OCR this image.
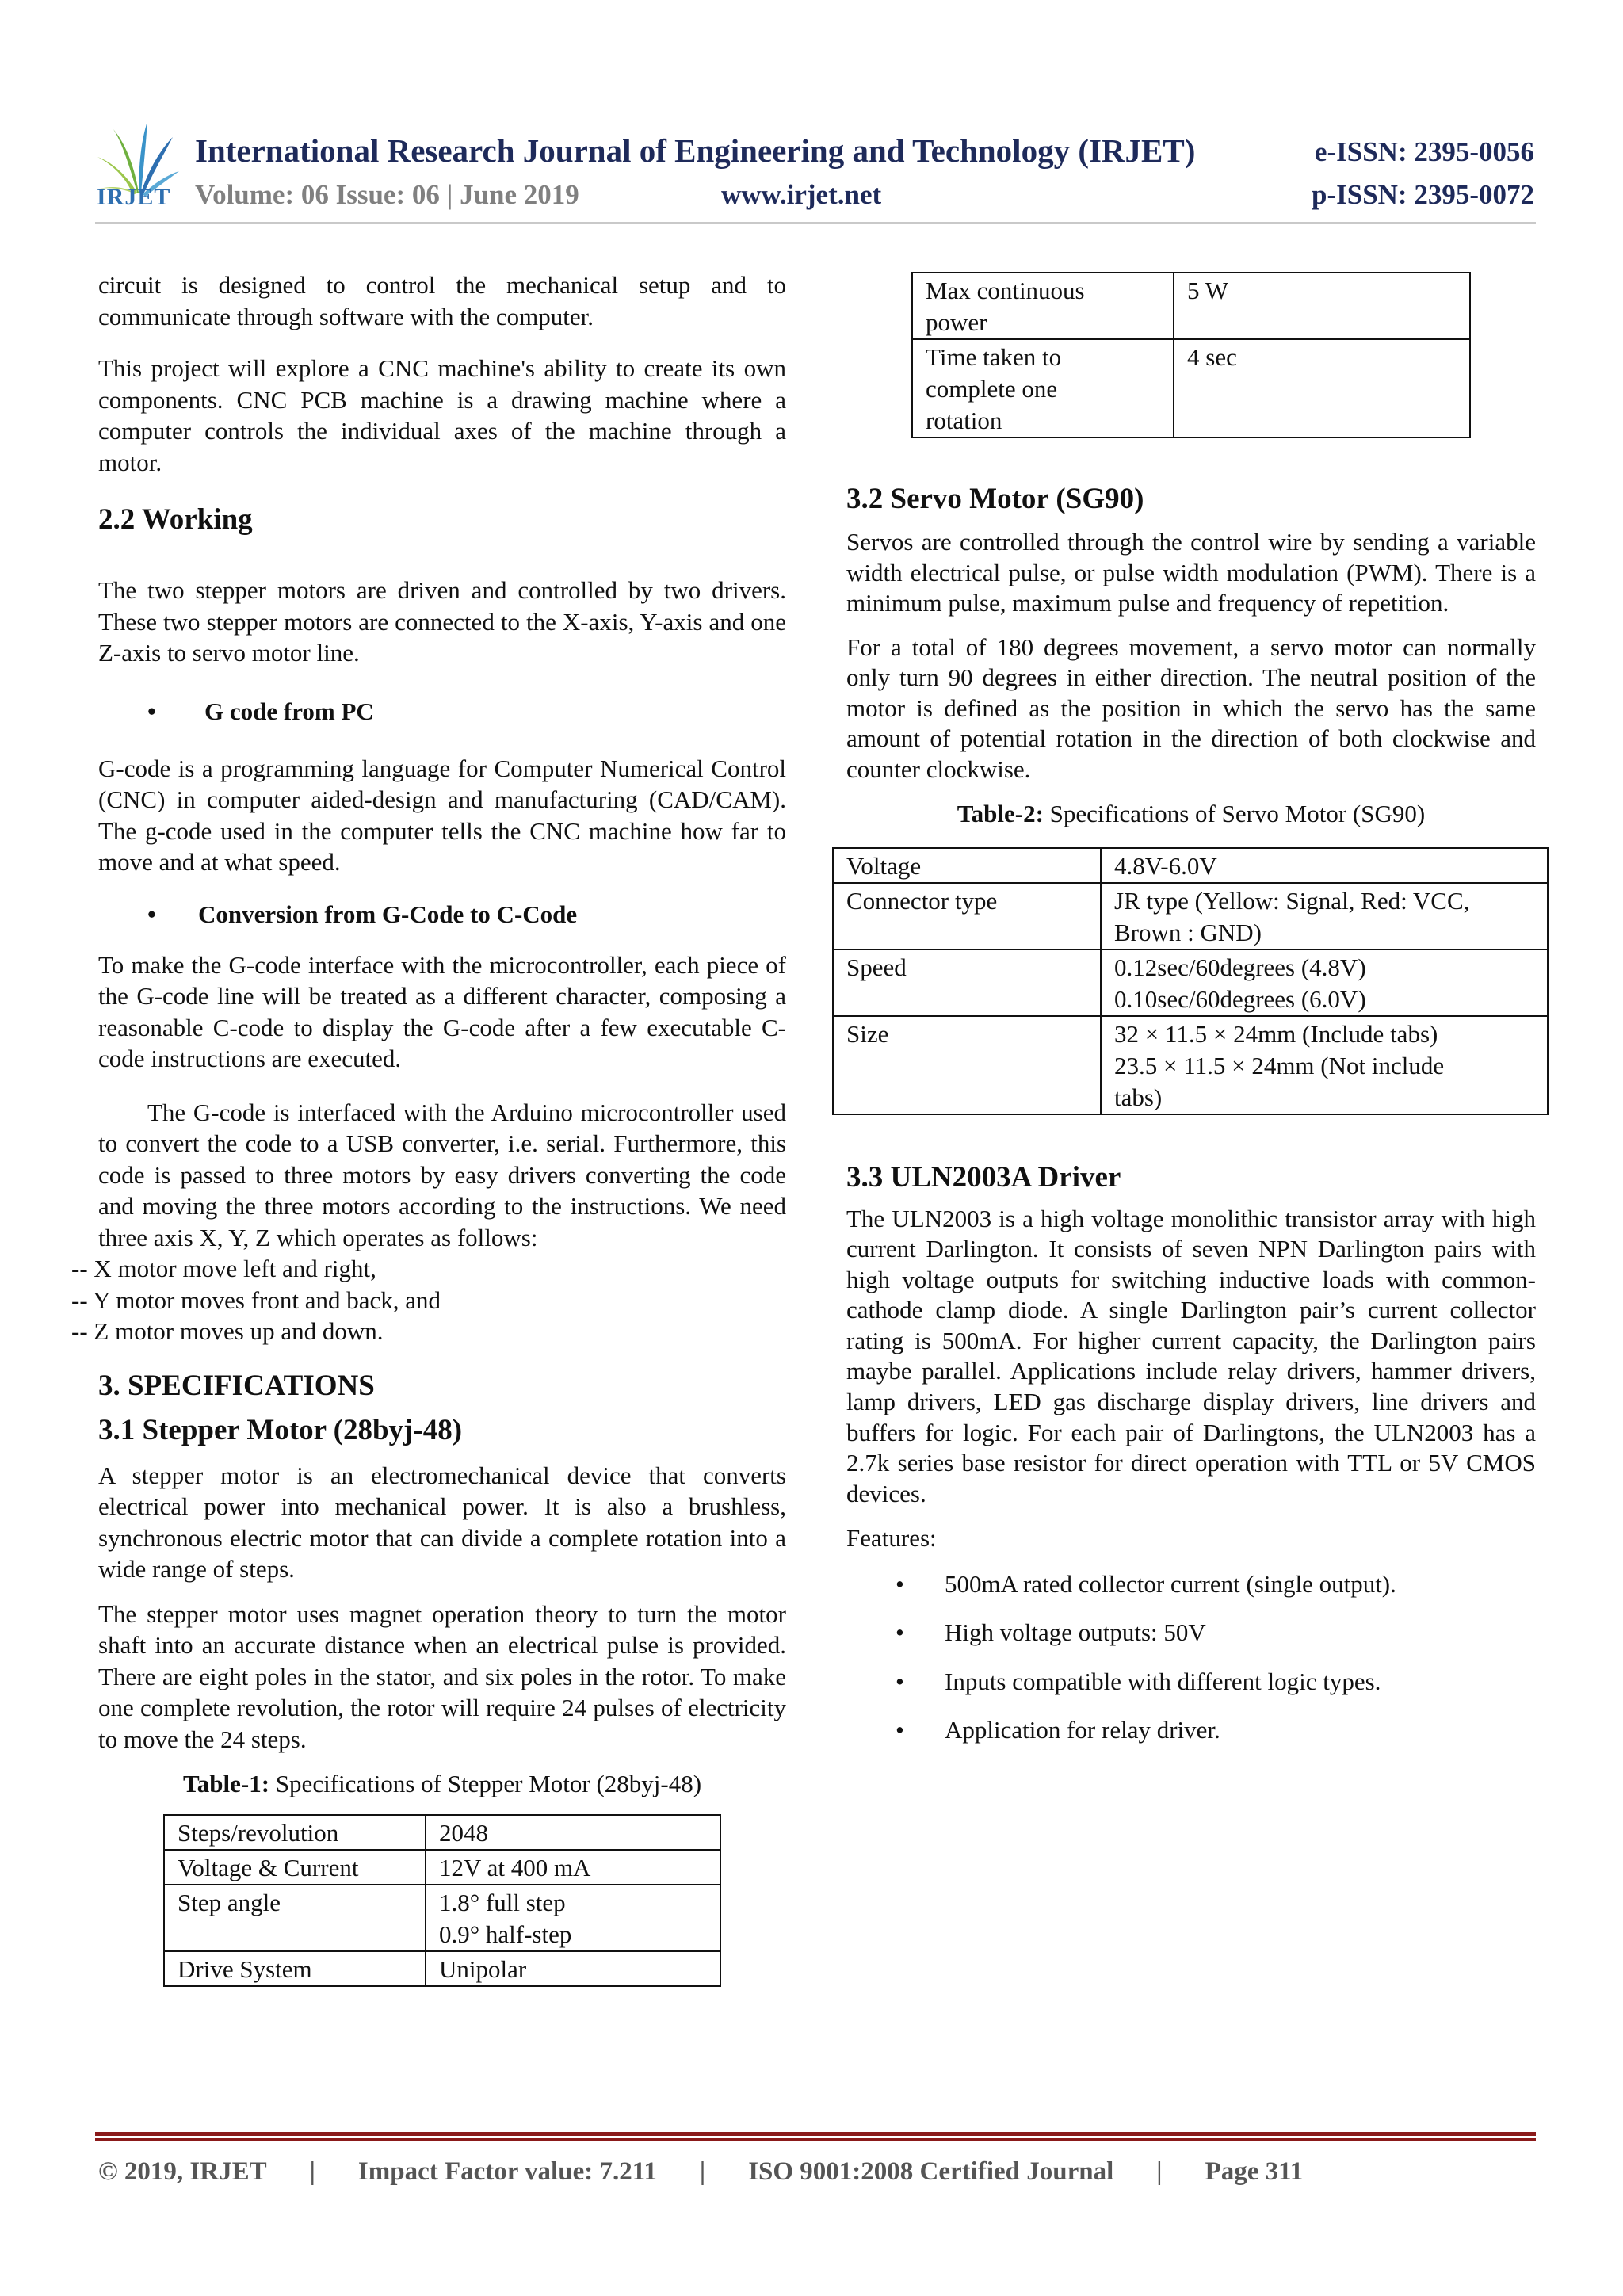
IRJET
International Research Journal of Engineering and Technology (IRJET)	e-ISSN: 2395-0056
Volume: 06 Issue: 06 | June 2019	www.irjet.net	p-ISSN: 2395-0072
circuit is designed to control the mechanical setup and to communicate through software with the computer.
This project will explore a CNC machine's ability to create its own components. CNC PCB machine is a drawing machine where a computer controls the individual axes of the machine through a motor.
2.2 Working
The two stepper motors are driven and controlled by two drivers. These two stepper motors are connected to the X-axis, Y-axis and one Z-axis to servo motor line.
• G code from PC
G-code is a programming language for Computer Numerical Control (CNC) in computer aided-design and manufacturing (CAD/CAM). The g-code used in the computer tells the CNC machine how far to move and at what speed.
• Conversion from G-Code to C-Code
To make the G-code interface with the microcontroller, each piece of the G-code line will be treated as a different character, composing a reasonable C-code to display the G-code after a few executable C-code instructions are executed.
The G-code is interfaced with the Arduino microcontroller used to convert the code to a USB converter, i.e. serial. Furthermore, this code is passed to three motors by easy drivers converting the code and moving the three motors according to the instructions. We need three axis X, Y, Z which operates as follows:
-- X motor move left and right,
-- Y motor moves front and back, and
-- Z motor moves up and down.
3. SPECIFICATIONS
3.1 Stepper Motor (28byj-48)
A stepper motor is an electromechanical device that converts electrical power into mechanical power. It is also a brushless, synchronous electric motor that can divide a complete rotation into a wide range of steps.
The stepper motor uses magnet operation theory to turn the motor shaft into an accurate distance when an electrical pulse is provided. There are eight poles in the stator, and six poles in the rotor. To make one complete revolution, the rotor will require 24 pulses of electricity to move the 24 steps.
Table-1: Specifications of Stepper Motor (28byj-48)
Steps/revolution	2048
Voltage & Current	12V at 400 mA
Step angle	1.8° full step
0.9° half-step

Drive System	Unipolar
Max continuous
power	5 W

Time taken to
complete one
rotation	4 sec
3.2 Servo Motor (SG90)
Servos are controlled through the control wire by sending a variable width electrical pulse, or pulse width modulation (PWM). There is a minimum pulse, maximum pulse and frequency of repetition.
For a total of 180 degrees movement, a servo motor can normally only turn 90 degrees in either direction. The neutral position of the motor is defined as the position in which the servo has the same amount of potential rotation in the direction of both clockwise and counter clockwise.
Table-2: Specifications of Servo Motor (SG90)
Voltage	4.8V-6.0V
Connector type	JR type (Yellow: Signal, Red: VCC,
Brown : GND)

Speed	0.12sec/60degrees (4.8V)
0.10sec/60degrees (6.0V)

Size	32 × 11.5 × 24mm (Include tabs)
23.5 × 11.5 × 24mm (Not include
tabs)
3.3 ULN2003A Driver
The ULN2003 is a high voltage monolithic transistor array with high current Darlington. It consists of seven NPN Darlington pairs with high voltage outputs for switching inductive loads with common-cathode clamp diode. A single Darlington pair’s current collector rating is 500mA. For higher current capacity, the Darlington pairs maybe parallel. Applications include relay drivers, hammer drivers, lamp drivers, LED gas discharge display drivers, line drivers and buffers for logic. For each pair of Darlingtons, the ULN2003 has a 2.7k series base resistor for direct operation with TTL or 5V CMOS devices.
Features:
• 500mA rated collector current (single output).
• High voltage outputs: 50V
• Inputs compatible with different logic types.
• Application for relay driver.
© 2019, IRJET | Impact Factor value: 7.211 | ISO 9001:2008 Certified Journal | Page 311
